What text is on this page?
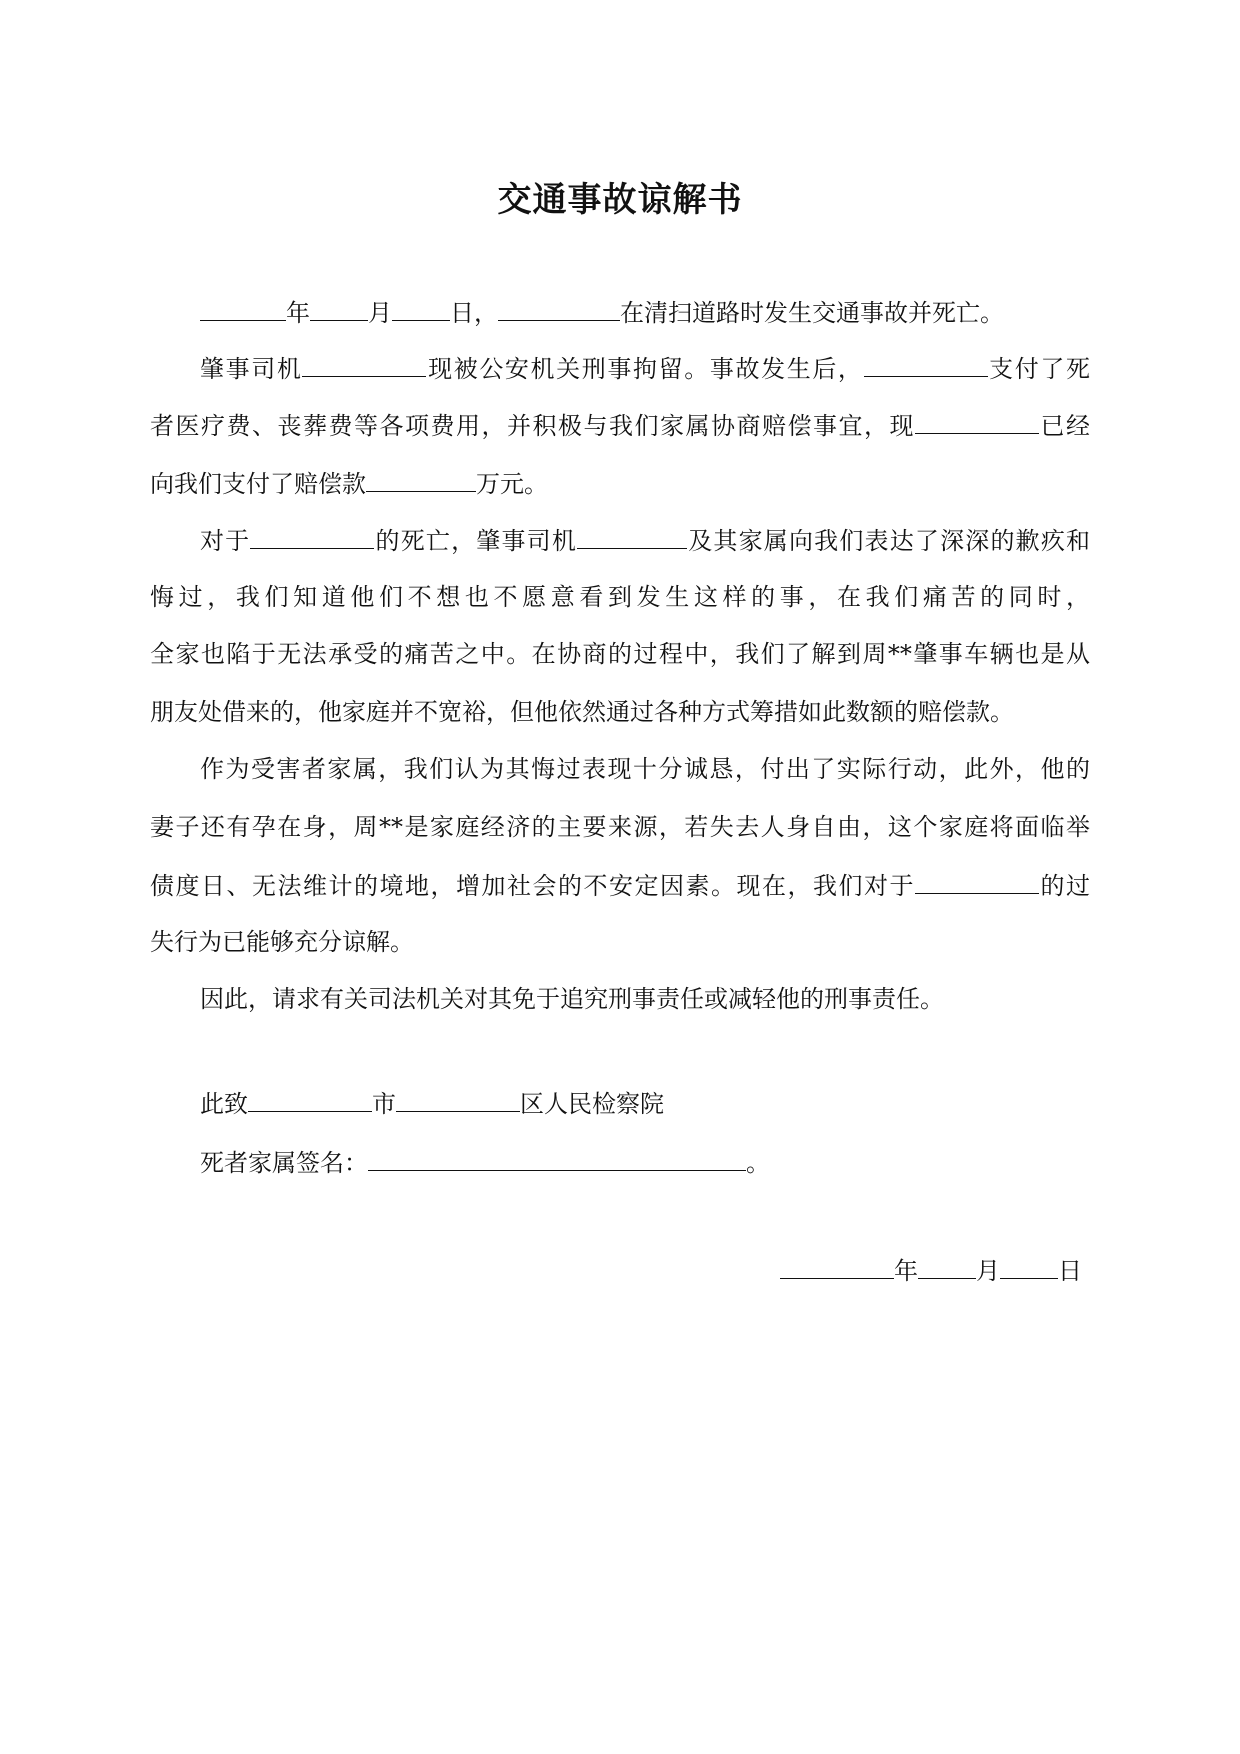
交通事故谅解书
年 月 日，	在清扫道路时发生交通事故并死亡。
肇事司机	现被公安机关刑事拘留。事故发生后，	支付了死
者医疗费、丧葬费等各项费用，并积极与我们家属协商赔偿事宜，现	已经
向我们支付了赔偿款	万元。
对于	的死亡，肇事司机	及其家属向我们表达了深深的歉疚和
悔过，我们知道他们不想也不愿意看到发生这样的事，在我们痛苦的同时，
全家也陷于无法承受的痛苦之中。在协商的过程中，我们了解到周**肇事车辆也是从
朋友处借来的，他家庭并不宽裕，但他依然通过各种方式筹措如此数额的赔偿款。
作为受害者家属，我们认为其悔过表现十分诚恳，付出了实际行动，此外，他的
妻子还有孕在身，周**是家庭经济的主要来源，若失去人身自由，这个家庭将面临举
债度日、无法维计的境地，增加社会的不安定因素。现在，我们对于	的过
失行为已能够充分谅解。
因此，请求有关司法机关对其免于追究刑事责任或减轻他的刑事责任。
此致	市	区人民检察院
死者家属签名：	。
年 月 日
